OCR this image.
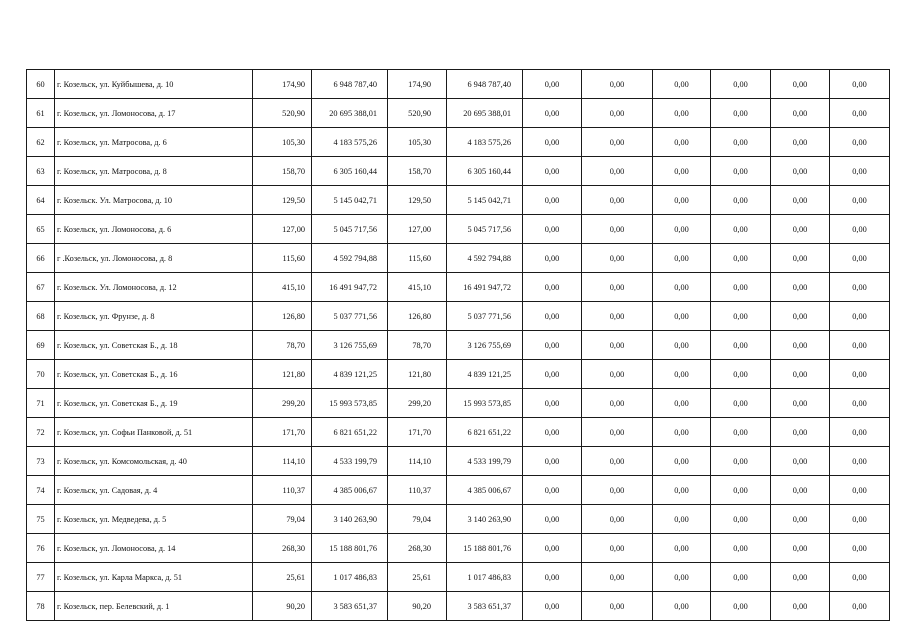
60	г. Козельск, ул. Куйбышева, д. 10	174,90	6 948 787,40	174,90	6 948 787,40	0,00	0,00	0,00	0,00	0,00	0,00
61	г. Козельск, ул. Ломоносова, д. 17	520,90	20 695 388,01	520,90	20 695 388,01	0,00	0,00	0,00	0,00	0,00	0,00
62	г. Козельск, ул. Матросова, д. 6	105,30	4 183 575,26	105,30	4 183 575,26	0,00	0,00	0,00	0,00	0,00	0,00
63	г. Козельск, ул. Матросова, д. 8	158,70	6 305 160,44	158,70	6 305 160,44	0,00	0,00	0,00	0,00	0,00	0,00
64	г. Козельск. Ул. Матросова, д. 10	129,50	5 145 042,71	129,50	5 145 042,71	0,00	0,00	0,00	0,00	0,00	0,00
65	г. Козельск, ул. Ломоносова, д. 6	127,00	5 045 717,56	127,00	5 045 717,56	0,00	0,00	0,00	0,00	0,00	0,00
66	г .Козельск, ул. Ломоносова, д. 8	115,60	4 592 794,88	115,60	4 592 794,88	0,00	0,00	0,00	0,00	0,00	0,00
67	г. Козельск. Ул. Ломоносова, д. 12	415,10	16 491 947,72	415,10	16 491 947,72	0,00	0,00	0,00	0,00	0,00	0,00
68	г. Козельск, ул. Фрунзе, д. 8	126,80	5 037 771,56	126,80	5 037 771,56	0,00	0,00	0,00	0,00	0,00	0,00
69	г. Козельск, ул. Советская Б., д. 18	78,70	3 126 755,69	78,70	3 126 755,69	0,00	0,00	0,00	0,00	0,00	0,00
70	г. Козельск, ул. Советская Б., д. 16	121,80	4 839 121,25	121,80	4 839 121,25	0,00	0,00	0,00	0,00	0,00	0,00
71	г. Козельск, ул. Советская Б., д. 19	299,20	15 993 573,85	299,20	15 993 573,85	0,00	0,00	0,00	0,00	0,00	0,00
72	г. Козельск, ул. Софьи Панковой, д. 51	171,70	6 821 651,22	171,70	6 821 651,22	0,00	0,00	0,00	0,00	0,00	0,00
73	г. Козельск, ул. Комсомольская, д. 40	114,10	4 533 199,79	114,10	4 533 199,79	0,00	0,00	0,00	0,00	0,00	0,00
74	г. Козельск, ул. Садовая, д. 4	110,37	4 385 006,67	110,37	4 385 006,67	0,00	0,00	0,00	0,00	0,00	0,00
75	г. Козельск, ул. Медведева, д. 5	79,04	3 140 263,90	79,04	3 140 263,90	0,00	0,00	0,00	0,00	0,00	0,00
76	г. Козельск, ул. Ломоносова, д. 14	268,30	15 188 801,76	268,30	15 188 801,76	0,00	0,00	0,00	0,00	0,00	0,00
77	г. Козельск, ул. Карла Маркса, д. 51	25,61	1 017 486,83	25,61	1 017 486,83	0,00	0,00	0,00	0,00	0,00	0,00
78	г. Козельск, пер. Белевский, д. 1	90,20	3 583 651,37	90,20	3 583 651,37	0,00	0,00	0,00	0,00	0,00	0,00
